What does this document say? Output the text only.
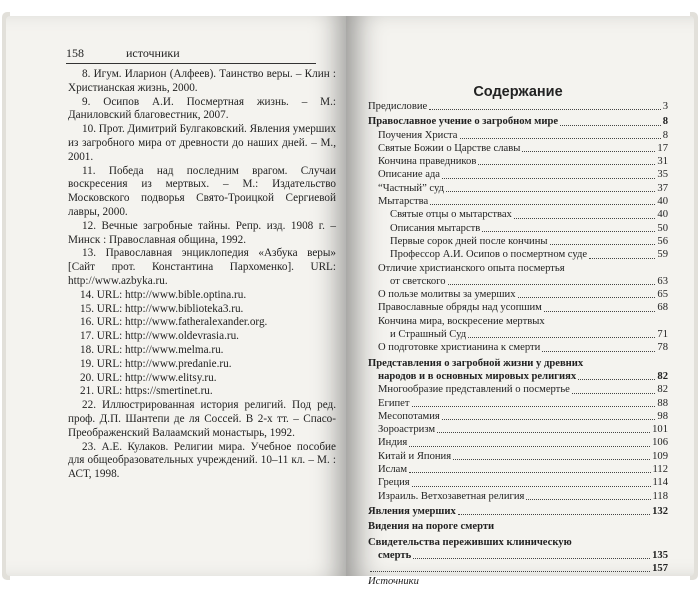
158	источники

8. Игум. Иларион (Алфеев). Таинство веры. – Клин : Христианская жизнь, 2000.

9. Осипов А.И. Посмертная жизнь. – М.: Даниловский благовестник, 2007.

10. Прот. Димитрий Булгаковский. Явления умерших из загробного мира от древности до наших дней. – М., 2001.

11. Победа над последним врагом. Случаи воскресения из мертвых. – М.: Издательство Московского подворья Свято-Троицкой Сергиевой лавры, 2000.

12. Вечные загробные тайны. Репр. изд. 1908 г. – Минск : Православная община, 1992.

13. Православная энциклопедия «Азбука веры» [Сайт прот. Константина Пархоменко]. URL: http://www.azbyka.ru.

14. URL: http://www.bible.optina.ru.

15. URL: http://www.biblioteka3.ru.

16. URL: http://www.fatheralexander.org.

17. URL: http://www.oldevrasia.ru.

18. URL: http://www.melma.ru.

19. URL: http://www.predanie.ru.

20. URL: http://www.elitsy.ru.

21. URL: https://smertinet.ru.

22. Иллюстрированная история религий. Под ред. проф. Д.П. Шантепи де ля Соссей. В 2-х тт. – Спасо-Преображенский Валаамский монастырь, 1992.

23. А.Е. Кулаков. Религии мира. Учебное пособие для общеобразовательных учреждений. 10–11 кл. – М. : АСТ, 1998.

Содержание
Предисловие	3
Православное учение о загробном мире	8
Поучения Христа	8
Святые Божии о Царстве славы	17
Кончина праведников	31
Описание ада	35
“Частный” суд	37
Мытарства	40
Святые отцы о мытарствах	40
Описания мытарств	50
Первые сорок дней после кончины	56
Профессор А.И. Осипов о посмертном суде	59
Отличие христианского опыта посмертья
от светского	63
О пользе молитвы за умерших	65
Православные обряды над усопшим	68
Кончина мира, воскресение мертвых
и Страшный Суд	71
О подготовке христианина к смерти	78
Представления о загробной жизни у древних
народов и в основных мировых религиях	82
Многообразие представлений о посмертье	82
Египет	88
Месопотамия	98
Зороастризм	101
Индия	106
Китай и Япония	109
Ислам	112
Греция	114
Израиль. Ветхозаветная религия	118
Явления умерших	132
Видения на пороге смерти
Свидетельства переживших клиническую
смерть	135
157
Источники
